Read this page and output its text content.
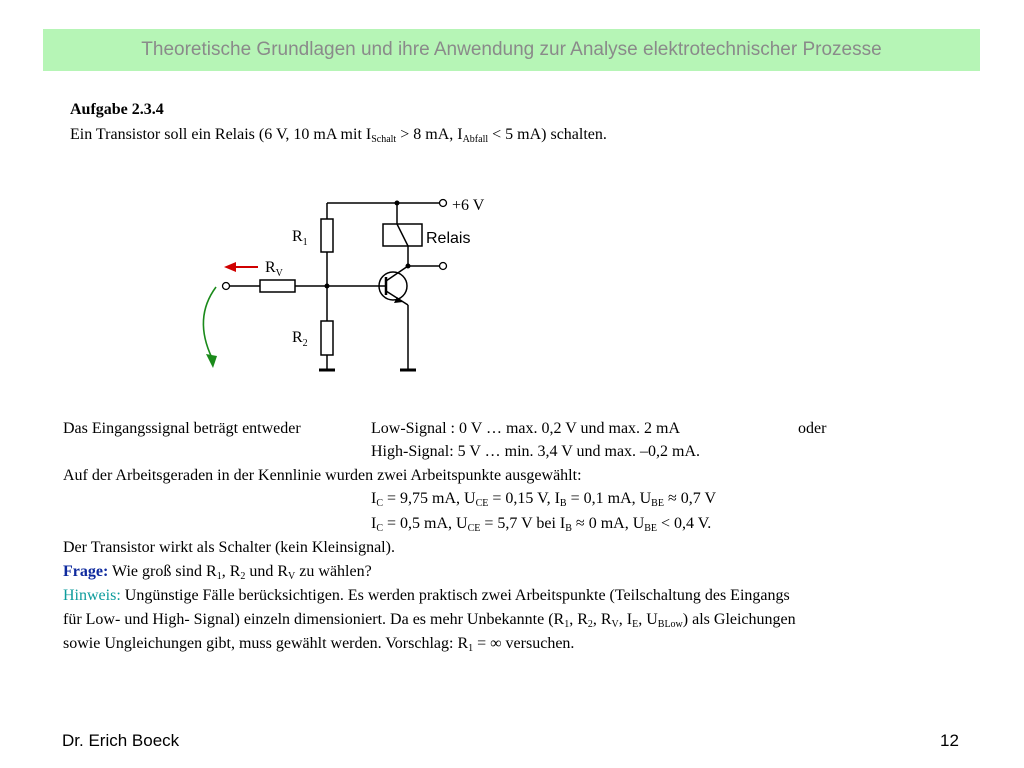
Theoretische Grundlagen und ihre Anwendung zur Analyse elektrotechnischer Prozesse
Aufgabe 2.3.4
Ein Transistor soll ein Relais (6 V, 10 mA mit $I_{Schalt} > 8$ mA, $I_{Abfall} < 5$ mA) schalten.
+6 V
$R_1$
$R_2$
$R_V$
Relais
Das Eingangssignal beträgt entweder	Low-Signal : 0 V … max. 0,2 V und max. 2 mA	oder
High-Signal: 5 V … min. 3,4 V und max. –0,2 mA.
Auf der Arbeitsgeraden in der Kennlinie wurden zwei Arbeitspunkte ausgewählt:
$I_C = 9,75$ mA, $U_{CE} = 0,15$ V, $I_B = 0,1$ mA, $U_{BE} \approx 0,7$ V
$I_C = 0,5$ mA, $U_{CE} = 5,7$ V bei $I_B \approx 0$ mA, $U_{BE} < 0,4$ V.
Der Transistor wirkt als Schalter (kein Kleinsignal).
Frage: Wie groß sind $R_1$, $R_2$ und $R_V$ zu wählen?
Hinweis: Ungünstige Fälle berücksichtigen. Es werden praktisch zwei Arbeitspunkte (Teilschaltung des Eingangs
für Low- und High- Signal) einzeln dimensioniert. Da es mehr Unbekannte ($R_1$, $R_2$, $R_V$, $I_E$, $U_{BLow}$) als Gleichungen
sowie Ungleichungen gibt, muss gewählt werden. Vorschlag: $R_1$ = ∞ versuchen.
Dr. Erich Boeck	12
